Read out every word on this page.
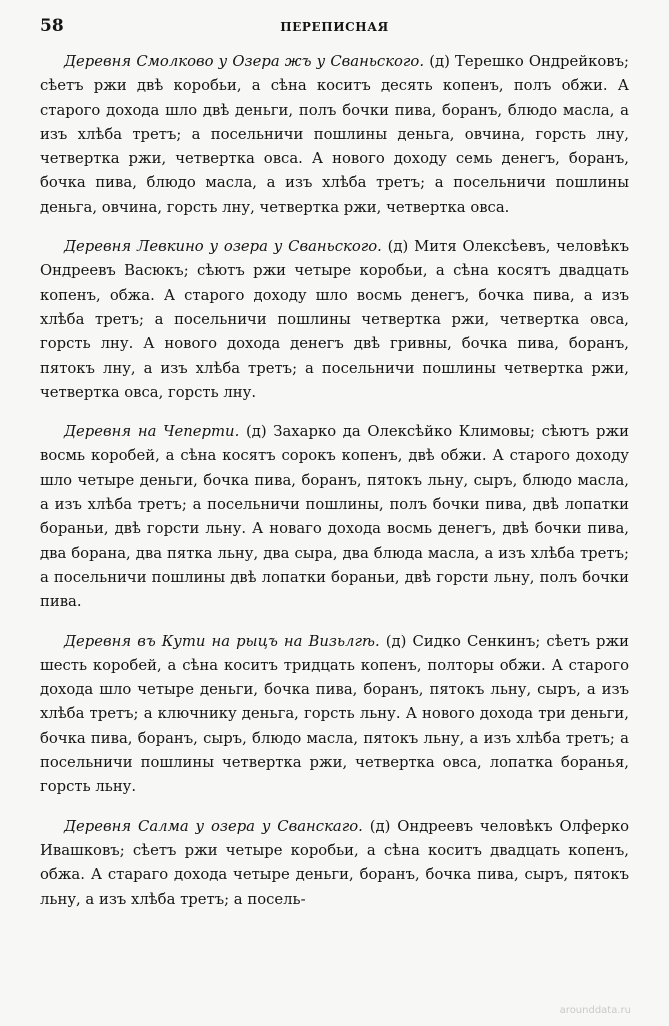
58	ПЕРЕПИСНАЯ

Деревня Смолково у Озера жъ у Сваньского. (д) Терешко Ондрейковъ; сѣетъ ржи двѣ коробьи, а сѣна коситъ десять копенъ, полъ обжи. А старого дохода шло двѣ деньги, полъ бочки пива, боранъ, блюдо масла, а изъ хлѣба третъ; а посельничи пошлины деньга, овчина, горсть лну, четвертка ржи, четвертка овса. А нового доходу семь денегъ, боранъ, бочка пива, блюдо масла, а изъ хлѣба третъ; а посельничи пошлины деньга, овчина, горсть лну, четвертка ржи, четвертка овса.

Деревня Левкино у озера у Сваньского. (д) Митя Олексѣевъ, человѣкъ Ондреевъ Васюкъ; сѣютъ ржи четыре коробьи, а сѣна косятъ двадцать копенъ, обжа. А старого доходу шло восмь денегъ, бочка пива, а изъ хлѣба третъ; а посельничи пошлины четвертка ржи, четвертка овса, горсть лну. А нового дохода денегъ двѣ гривны, бочка пива, боранъ, пятокъ лну, а изъ хлѣба третъ; а посельничи пошлины четвертка ржи, четвертка овса, горсть лну.

Деревня на Чеперти. (д) Захарко да Олексѣйко Климовы; сѣютъ ржи восмь коробей, а сѣна косятъ сорокъ копенъ, двѣ обжи. А старого доходу шло четыре деньги, бочка пива, боранъ, пятокъ льну, сыръ, блюдо масла, а изъ хлѣба третъ; а посельничи пошлины, полъ бочки пива, двѣ лопатки бораньи, двѣ горсти льну. А новаго дохода восмь денегъ, двѣ бочки пива, два борана, два пятка льну, два сыра, два блюда масла, а изъ хлѣба третъ; а посельничи пошлины двѣ лопатки бораньи, двѣ горсти льну, полъ бочки пива.

Деревня въ Кути на рыцъ на Визьлгѣ. (д) Сидко Сенкинъ; сѣетъ ржи шесть коробей, а сѣна коситъ тридцать копенъ, полторы обжи. А старого дохода шло четыре деньги, бочка пива, боранъ, пятокъ льну, сыръ, а изъ хлѣба третъ; а ключнику деньга, горсть льну. А нового дохода три деньги, бочка пива, боранъ, сыръ, блюдо масла, пятокъ льну, а изъ хлѣба третъ; а посельничи пошлины четвертка ржи, четвертка овса, лопатка боранья, горсть льну.

Деревня Салма у озера у Сванскаго. (д) Ондреевъ человѣкъ Олферко Ивашковъ; сѣетъ ржи четыре коробьи, а сѣна коситъ двадцать копенъ, обжа. А стараго дохода четыре деньги, боранъ, бочка пива, сыръ, пятокъ льну, а изъ хлѣба третъ; а посель-

arounddata.ru
